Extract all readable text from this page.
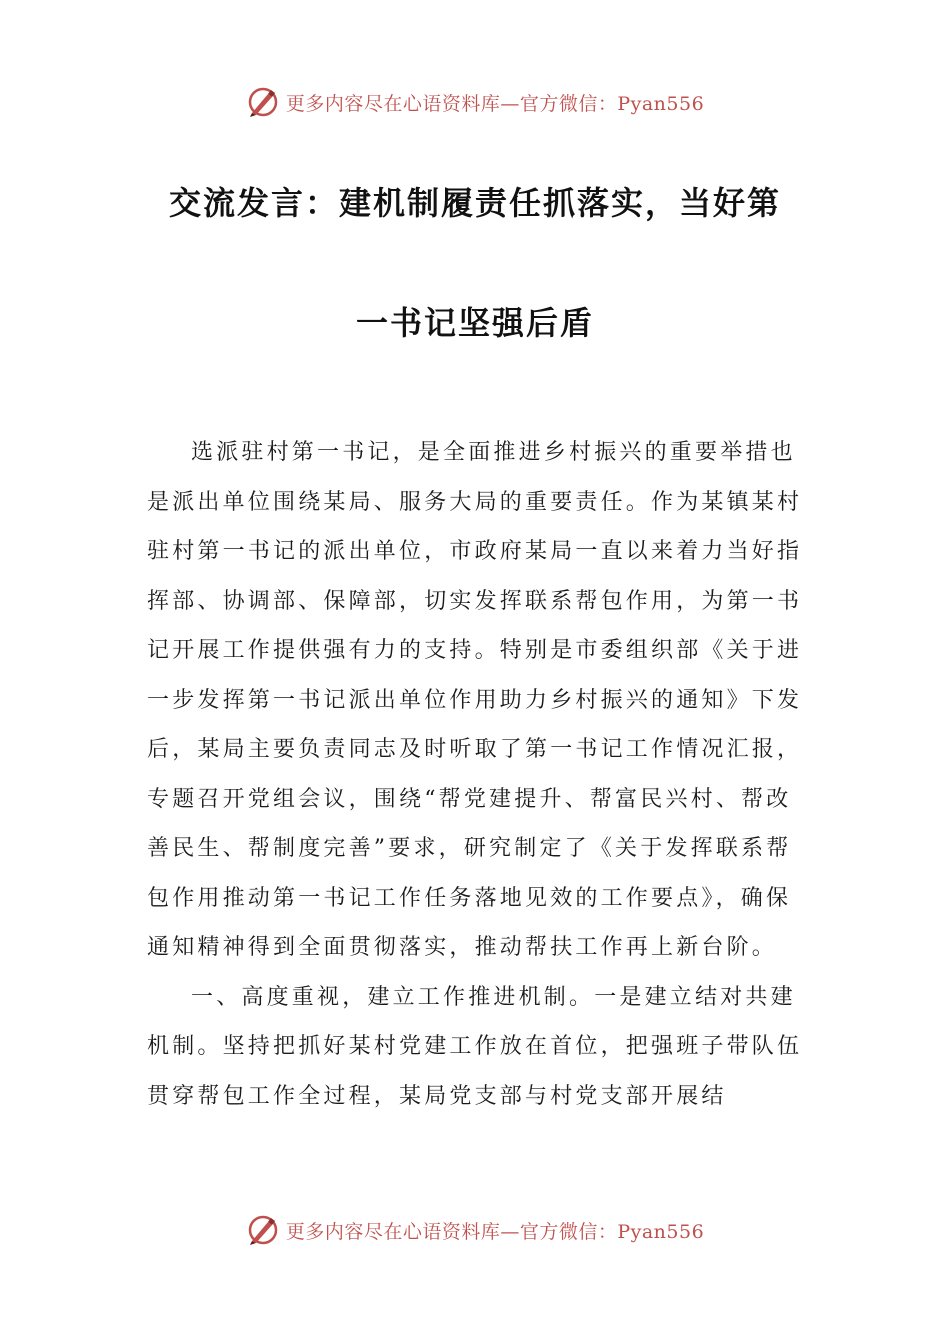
更多内容尽在心语资料库—官方微信：Pyan556
交流发言：建机制履责任抓落实，当好第
一书记坚强后盾

选派驻村第一书记，是全面推进乡村振兴的重要举措也是派出单位围绕某局、服务大局的重要责任。作为某镇某村驻村第一书记的派出单位，市政府某局一直以来着力当好指挥部、协调部、保障部，切实发挥联系帮包作用，为第一书记开展工作提供强有力的支持。特别是市委组织部《关于进一步发挥第一书记派出单位作用助力乡村振兴的通知》下发后，某局主要负责同志及时听取了第一书记工作情况汇报，专题召开党组会议，围绕“帮党建提升、帮富民兴村、帮改善民生、帮制度完善”要求，研究制定了《关于发挥联系帮包作用推动第一书记工作任务落地见效的工作要点》，确保通知精神得到全面贯彻落实，推动帮扶工作再上新台阶。

一、高度重视，建立工作推进机制。一是建立结对共建机制。坚持把抓好某村党建工作放在首位，把强班子带队伍贯穿帮包工作全过程，某局党支部与村党支部开展结

更多内容尽在心语资料库—官方微信：Pyan556
